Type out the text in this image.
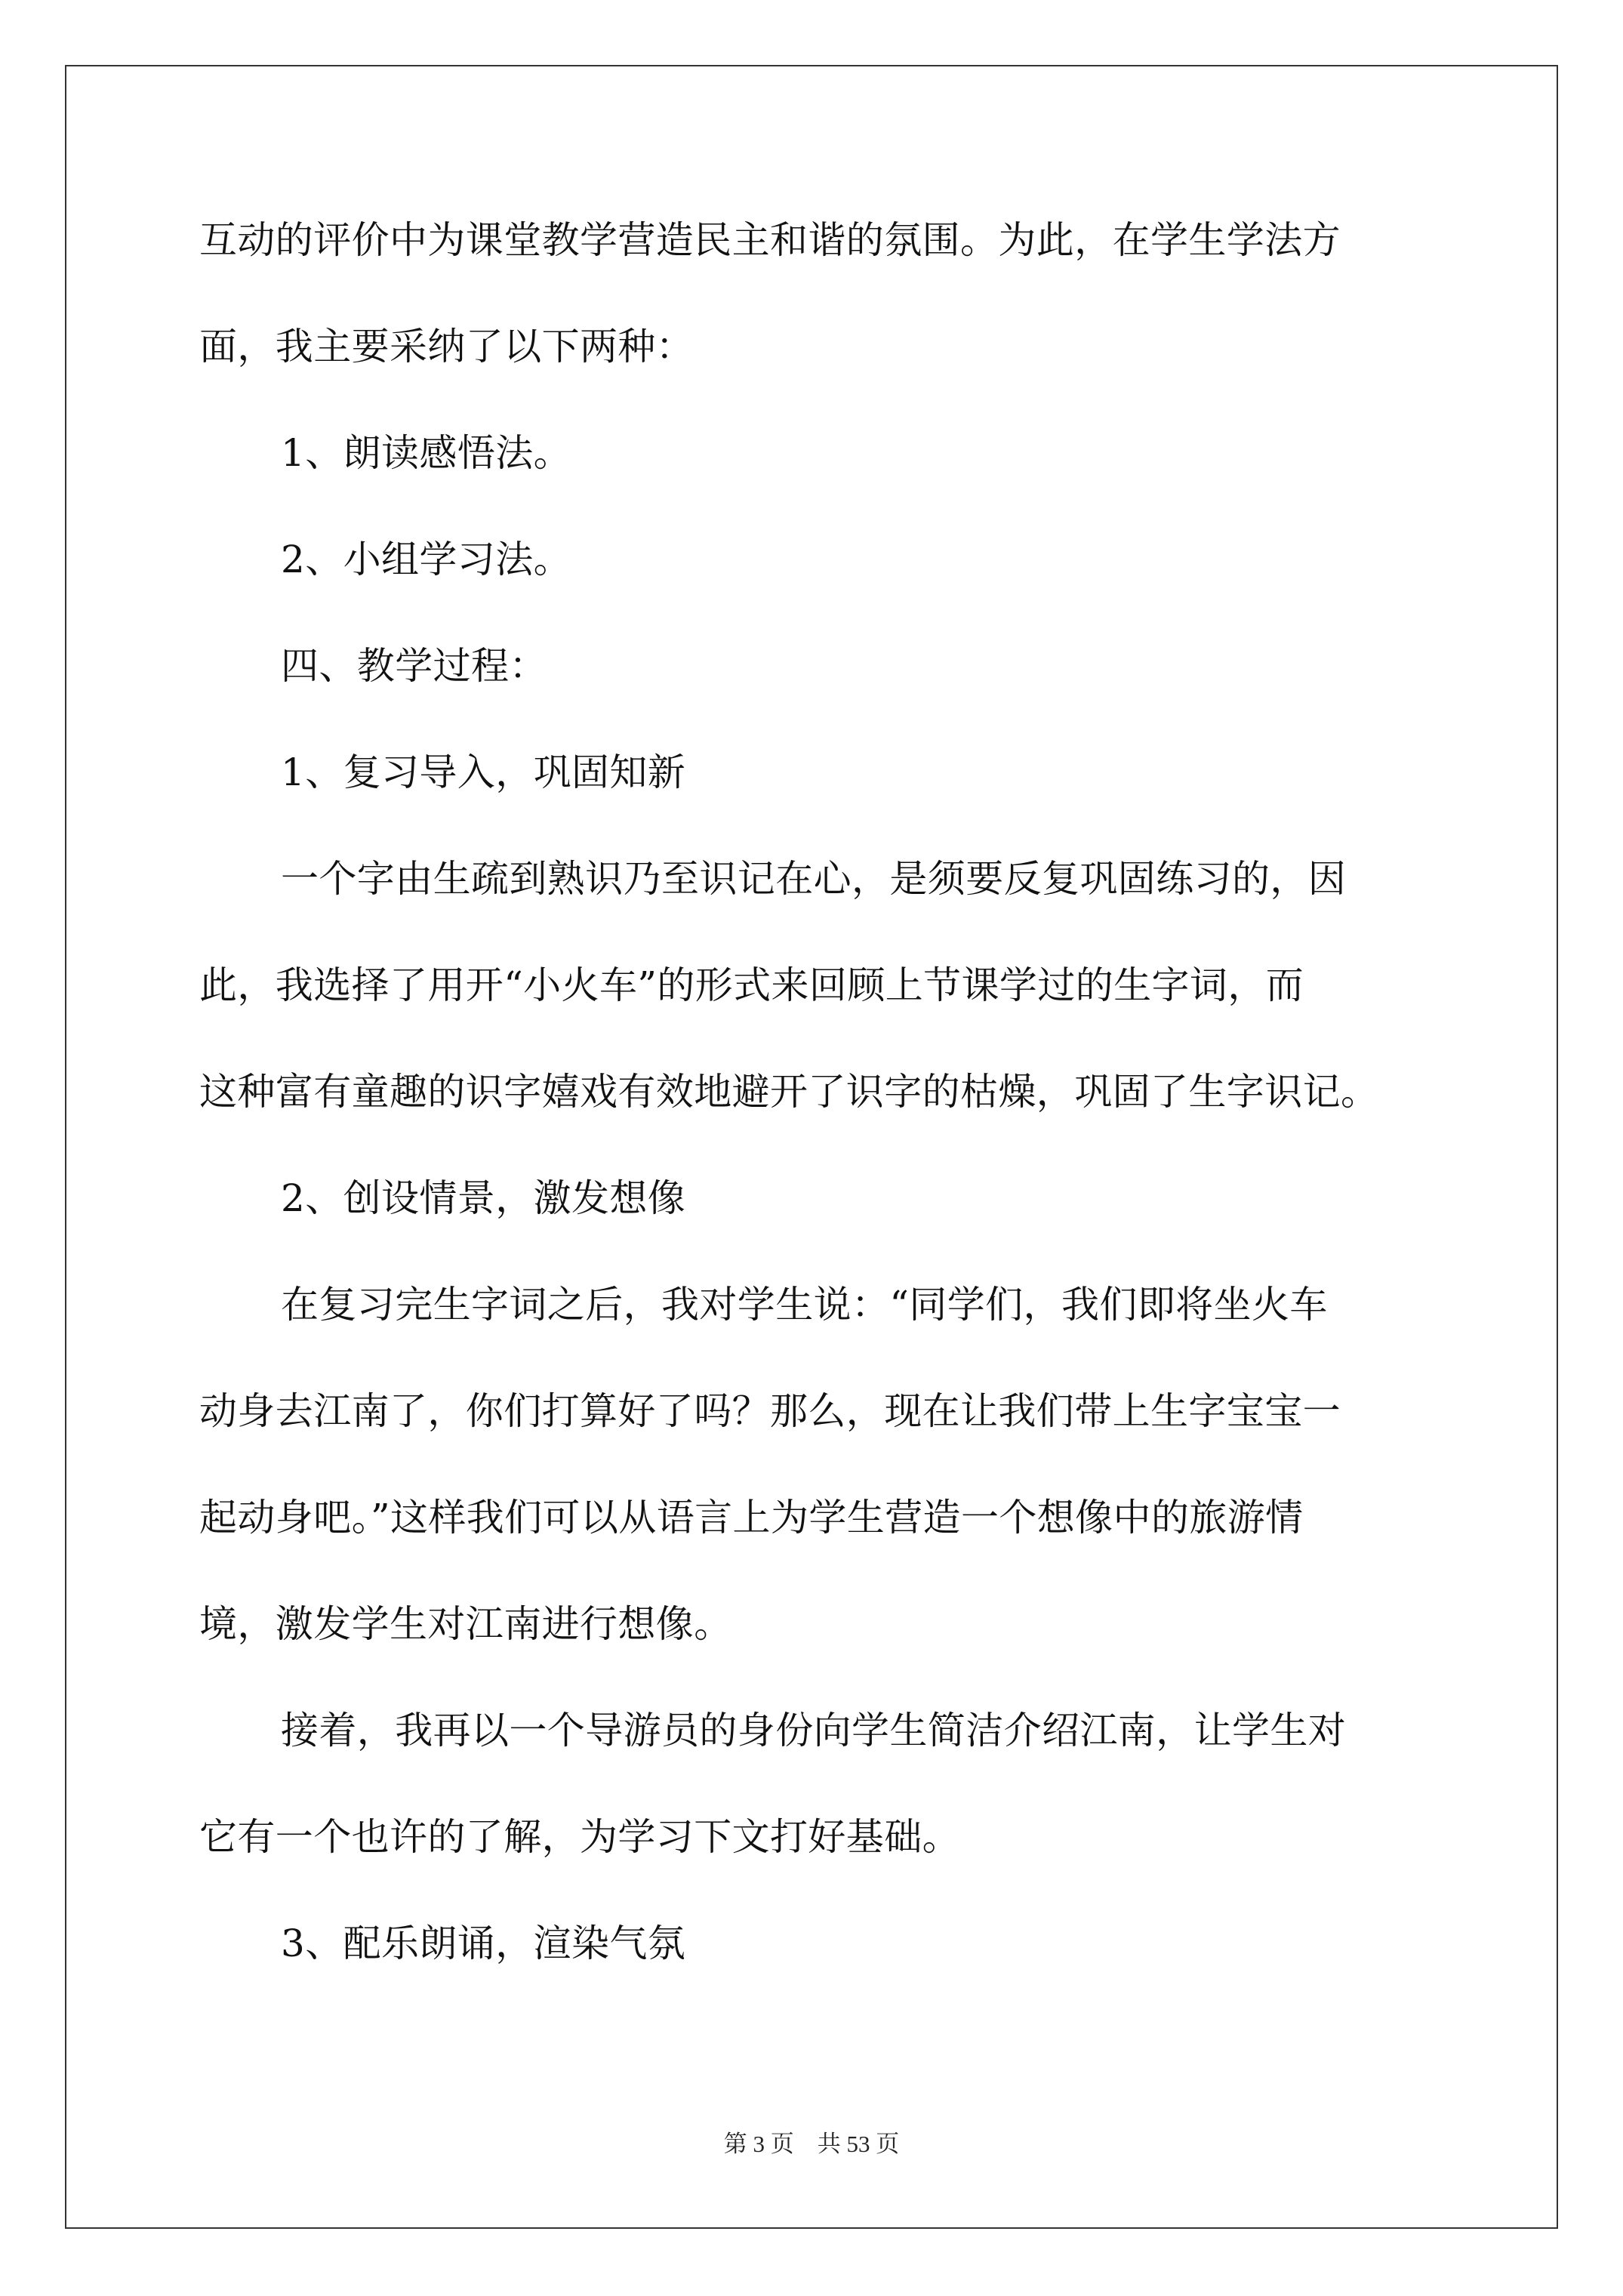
互动的评价中为课堂教学营造民主和谐的氛围。为此，在学生学法方
面，我主要采纳了以下两种：
1、朗读感悟法。
2、小组学习法。
四、教学过程：
1、复习导入，巩固知新
一个字由生疏到熟识乃至识记在心，是须要反复巩固练习的，因
此，我选择了用开“小火车”的形式来回顾上节课学过的生字词，而
这种富有童趣的识字嬉戏有效地避开了识字的枯燥，巩固了生字识记。
2、创设情景，激发想像
在复习完生字词之后，我对学生说：“同学们，我们即将坐火车
动身去江南了，你们打算好了吗？那么，现在让我们带上生字宝宝一
起动身吧。”这样我们可以从语言上为学生营造一个想像中的旅游情
境，激发学生对江南进行想像。
接着，我再以一个导游员的身份向学生简洁介绍江南，让学生对
它有一个也许的了解，为学习下文打好基础。
3、配乐朗诵，渲染气氛
第 3 页　共 53 页
